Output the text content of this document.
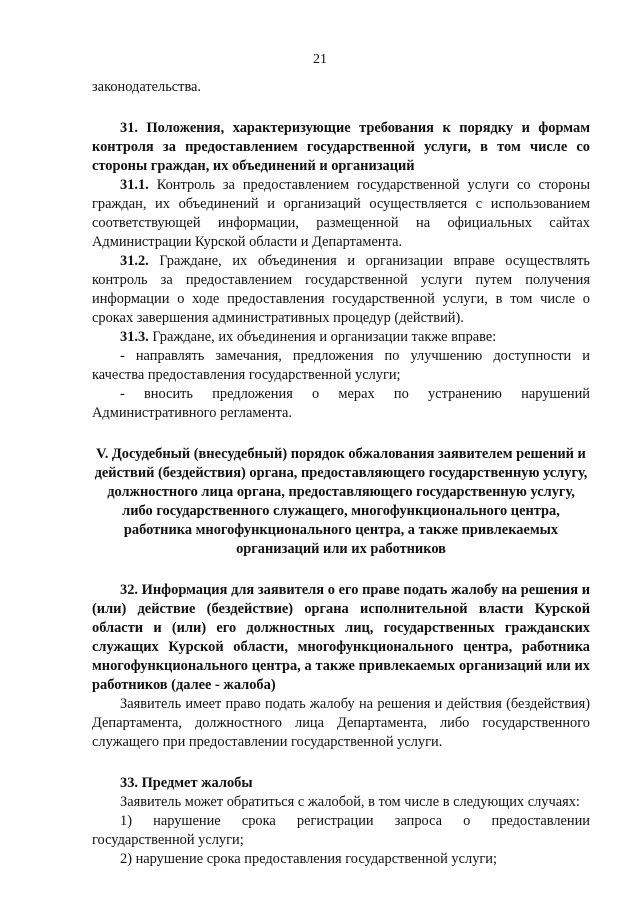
21

законодательства.

31. Положения, характеризующие требования к порядку и формам контроля за предоставлением государственной услуги, в том числе со стороны граждан, их объединений и организаций

31.1. Контроль за предоставлением государственной услуги со стороны граждан, их объединений и организаций осуществляется с использованием соответствующей информации, размещенной на официальных сайтах Администрации Курской области и Департамента.

31.2. Граждане, их объединения и организации вправе осуществлять контроль за предоставлением государственной услуги путем получения информации о ходе предоставления государственной услуги, в том числе о сроках завершения административных процедур (действий).

31.3. Граждане, их объединения и организации также вправе:

- направлять замечания, предложения по улучшению доступности и качества предоставления государственной услуги;

- вносить предложения о мерах по устранению нарушений Административного регламента.

V. Досудебный (внесудебный) порядок обжалования заявителем решений и действий (бездействия) органа, предоставляющего государственную услугу, должностного лица органа, предоставляющего государственную услугу, либо государственного служащего, многофункционального центра, работника многофункционального центра, а также привлекаемых организаций или их работников

32. Информация для заявителя о его праве подать жалобу на решения и (или) действие (бездействие) органа исполнительной власти Курской области и (или) его должностных лиц, государственных гражданских служащих Курской области, многофункционального центра, работника многофункционального центра, а также привлекаемых организаций или их работников (далее - жалоба)

Заявитель имеет право подать жалобу на решения и действия (бездействия) Департамента, должностного лица Департамента, либо государственного служащего при предоставлении государственной услуги.

33. Предмет жалобы

Заявитель может обратиться с жалобой, в том числе в следующих случаях:

1) нарушение срока регистрации запроса о предоставлении государственной услуги;

2) нарушение срока предоставления государственной услуги;
